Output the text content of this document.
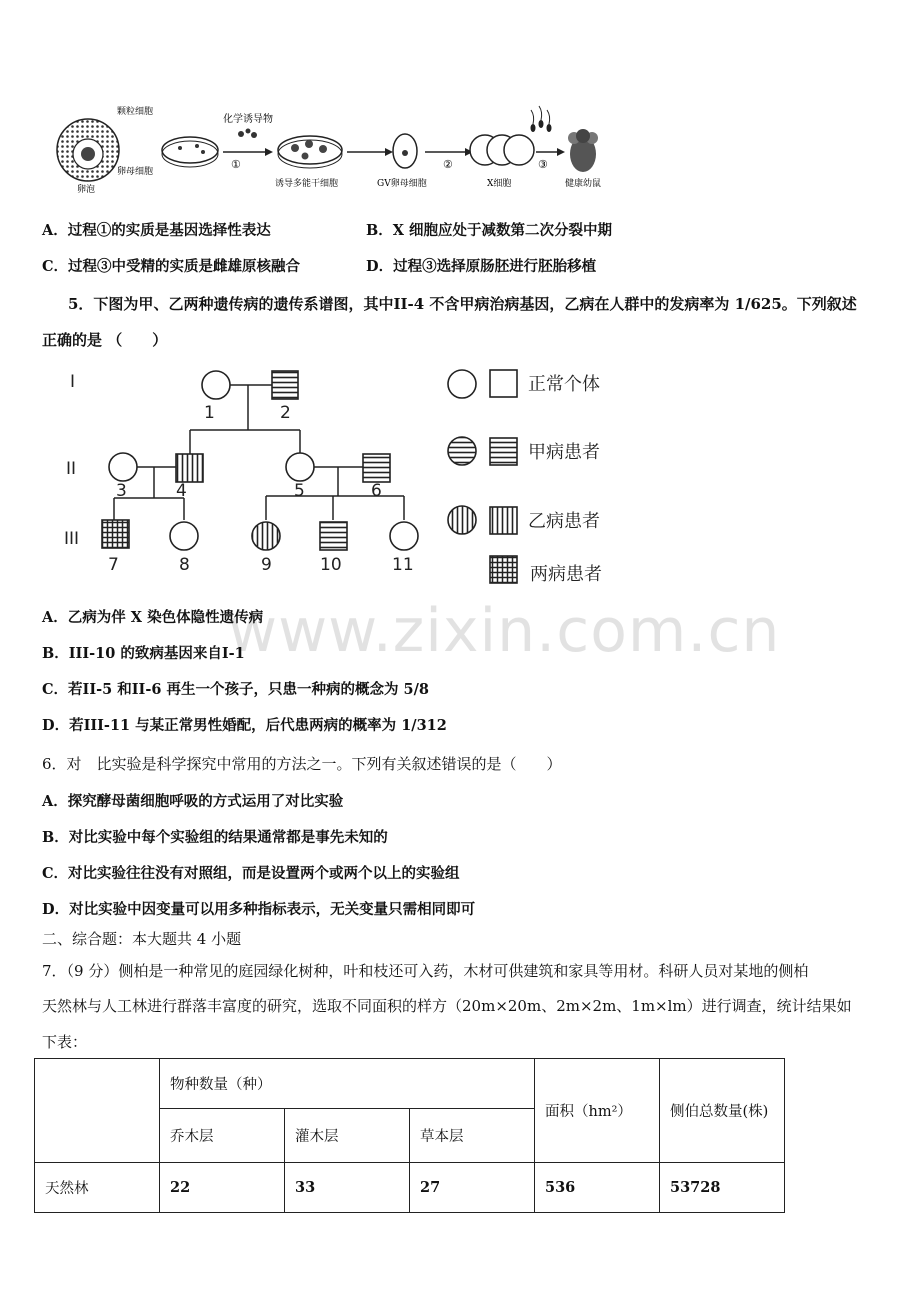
颗粒细胞
卵母细胞
卵泡
化学诱导物
①
诱导多能干细胞	GV卵母细胞
②
X细胞
③
健康幼鼠
A．过程①的实质是基因选择性表达	B．X 细胞应处于减数第二次分裂中期
C．过程③中受精的实质是雌雄原核融合	D．过程③选择原肠胚进行胚胎移植
5．下图为甲、乙两种遗传病的遗传系谱图，其中II-4 不含甲病治病基因，乙病在人群中的发病率为 1/625。下列叙述
正确的是 （　　）
I
II
III
1	2
3	4	5	6
7	8	9	10	11
正常个体
甲病患者
乙病患者
两病患者
www.zixin.com.cn
A．乙病为伴 X 染色体隐性遗传病
B．III-10 的致病基因来自I-1
C．若II-5 和II-6 再生一个孩子，只患一种病的概念为 5/8
D．若III-11 与某正常男性婚配，后代患两病的概率为 1/312
6．对　比实验是科学探究中常用的方法之一。下列有关叙述错误的是（　　）
A．探究酵母菌细胞呼吸的方式运用了对比实验
B．对比实验中每个实验组的结果通常都是事先未知的
C．对比实验往往没有对照组，而是设置两个或两个以上的实验组
D．对比实验中因变量可以用多种指标表示，无关变量只需相同即可
二、综合题：本大题共 4 小题
7．（9 分）侧柏是一种常见的庭园绿化树种，叶和枝还可入药，木材可供建筑和家具等用材。科研人员对某地的侧柏
天然林与人工林进行群落丰富度的研究，选取不同面积的样方（20m×20m、2m×2m、1m×lm）进行调查，统计结果如
下表：
	物种数量（种）			面积（hm²）	侧伯总数量(株)
	乔木层	灌木层	草本层		
天然林	22	33	27	536	53728
